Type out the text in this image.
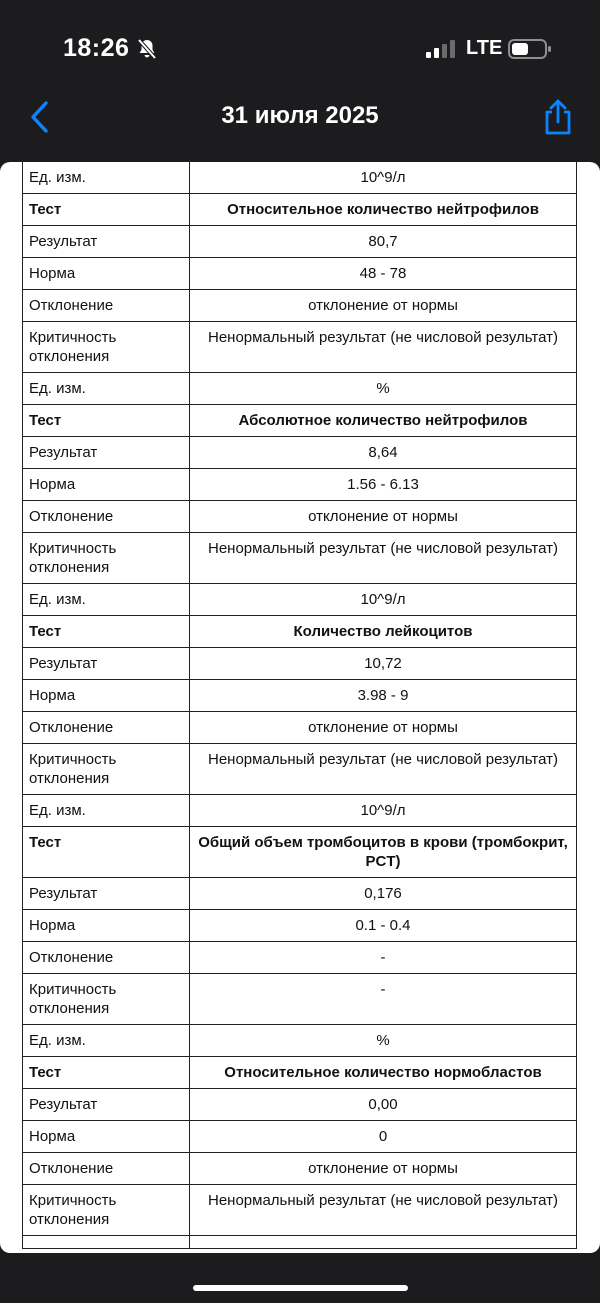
18:26	LTE
31 июля 2025
Ед. изм.	10^9/л
Тест	Относительное количество нейтрофилов
Результат	80,7
Норма	48 - 78
Отклонение	отклонение от нормы
Критичность отклонения	Ненормальный результат (не числовой результат)
Ед. изм.	%
Тест	Абсолютное количество нейтрофилов
Результат	8,64
Норма	1.56 - 6.13
Отклонение	отклонение от нормы
Критичность отклонения	Ненормальный результат (не числовой результат)
Ед. изм.	10^9/л
Тест	Количество лейкоцитов
Результат	10,72
Норма	3.98 - 9
Отклонение	отклонение от нормы
Критичность отклонения	Ненормальный результат (не числовой результат)
Ед. изм.	10^9/л
Тест	Общий объем тромбоцитов в крови (тромбокрит, PCT)
Результат	0,176
Норма	0.1 - 0.4
Отклонение	-
Критичность отклонения	-
Ед. изм.	%
Тест	Относительное количество нормобластов
Результат	0,00
Норма	0
Отклонение	отклонение от нормы
Критичность отклонения	Ненормальный результат (не числовой результат)
